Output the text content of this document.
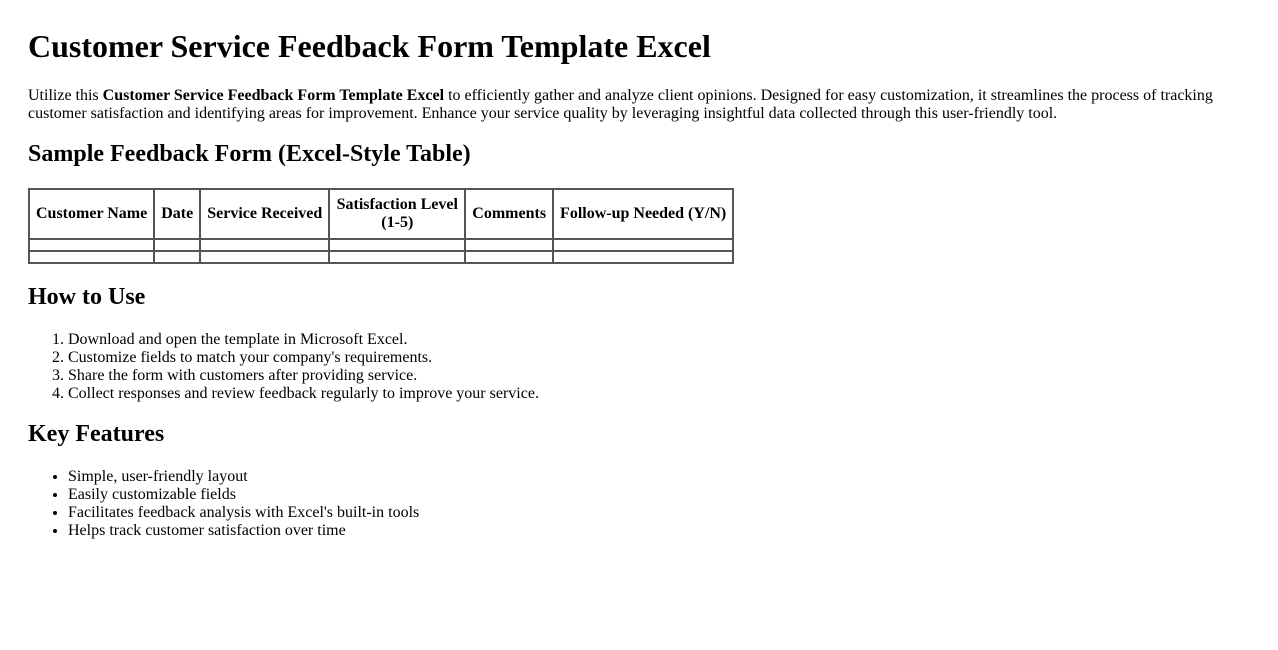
Customer Service Feedback Form Template Excel

Utilize this Customer Service Feedback Form Template Excel to efficiently gather and analyze client opinions. Designed for easy customization, it streamlines the process of tracking customer satisfaction and identifying areas for improvement. Enhance your service quality by leveraging insightful data collected through this user-friendly tool.

Sample Feedback Form (Excel-Style Table)
Customer Name	Date	Service Received	Satisfaction Level (1-5)	Comments	Follow-up Needed (Y/N)

How to Use
1. Download and open the template in Microsoft Excel.
2. Customize fields to match your company's requirements.
3. Share the form with customers after providing service.
4. Collect responses and review feedback regularly to improve your service.
Key Features
• Simple, user-friendly layout
• Easily customizable fields
• Facilitates feedback analysis with Excel's built-in tools
• Helps track customer satisfaction over time
